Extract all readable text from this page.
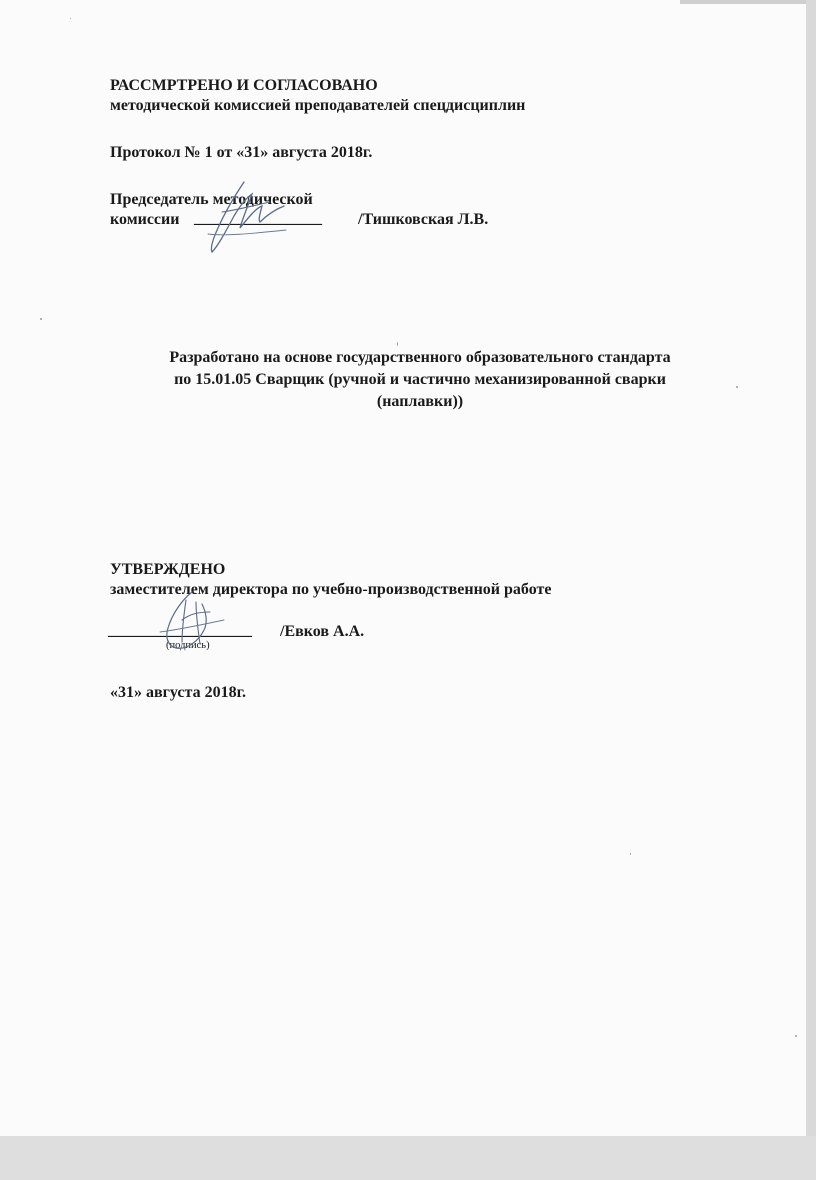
РАССМРТРЕНО И СОГЛАСОВАНО
методической комиссией преподавателей спецдисциплин
Протокол № 1 от «31» августа 2018г.
Председатель методической
комиссии ________________ /Тишковская Л.В.
Разработано на основе государственного образовательного стандарта
по 15.01.05 Сварщик (ручной и частично механизированной сварки
(наплавки))
УТВЕРЖДЕНО
заместителем директора по учебно-производственной работе
__________________ /Евков А.А.
(подпись)
«31» августа 2018г.
